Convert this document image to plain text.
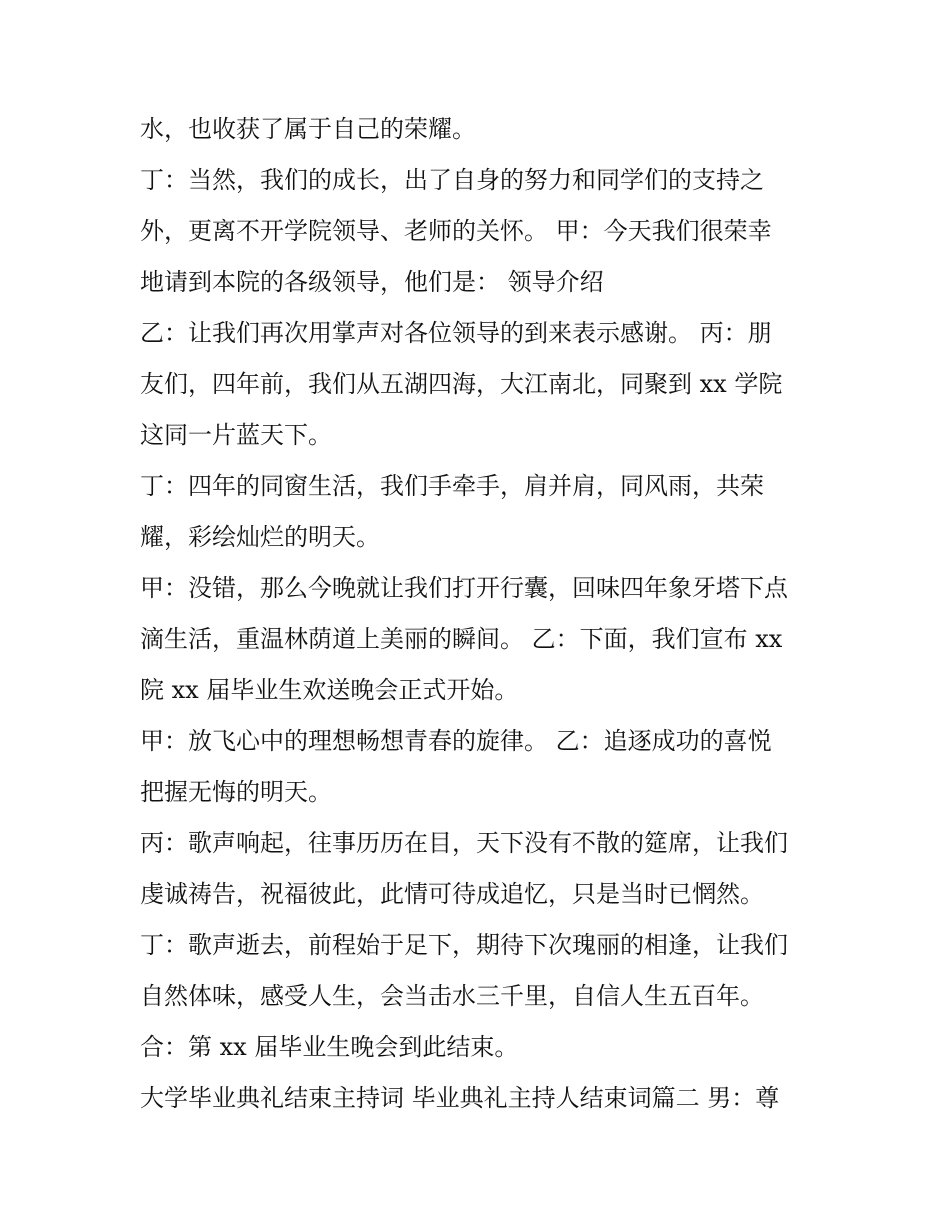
水，也收获了属于自己的荣耀。
丁：当然，我们的成长，出了自身的努力和同学们的支持之
外，更离不开学院领导、老师的关怀。 甲：今天我们很荣幸
地请到本院的各级领导，他们是： 领导介绍
乙：让我们再次用掌声对各位领导的到来表示感谢。 丙：朋
友们，四年前，我们从五湖四海，大江南北，同聚到 xx 学院
这同一片蓝天下。
丁：四年的同窗生活，我们手牵手，肩并肩，同风雨，共荣
耀，彩绘灿烂的明天。
甲：没错，那么今晚就让我们打开行囊，回味四年象牙塔下点
滴生活，重温林荫道上美丽的瞬间。 乙：下面，我们宣布 xx
院 xx 届毕业生欢送晚会正式开始。
甲：放飞心中的理想畅想青春的旋律。 乙：追逐成功的喜悦
把握无悔的明天。
丙：歌声响起，往事历历在目，天下没有不散的筵席，让我们
虔诚祷告，祝福彼此，此情可待成追忆，只是当时已惘然。
丁：歌声逝去，前程始于足下，期待下次瑰丽的相逢，让我们
自然体味，感受人生，会当击水三千里，自信人生五百年。
合：第 xx 届毕业生晚会到此结束。
大学毕业典礼结束主持词 毕业典礼主持人结束词篇二 男：尊
